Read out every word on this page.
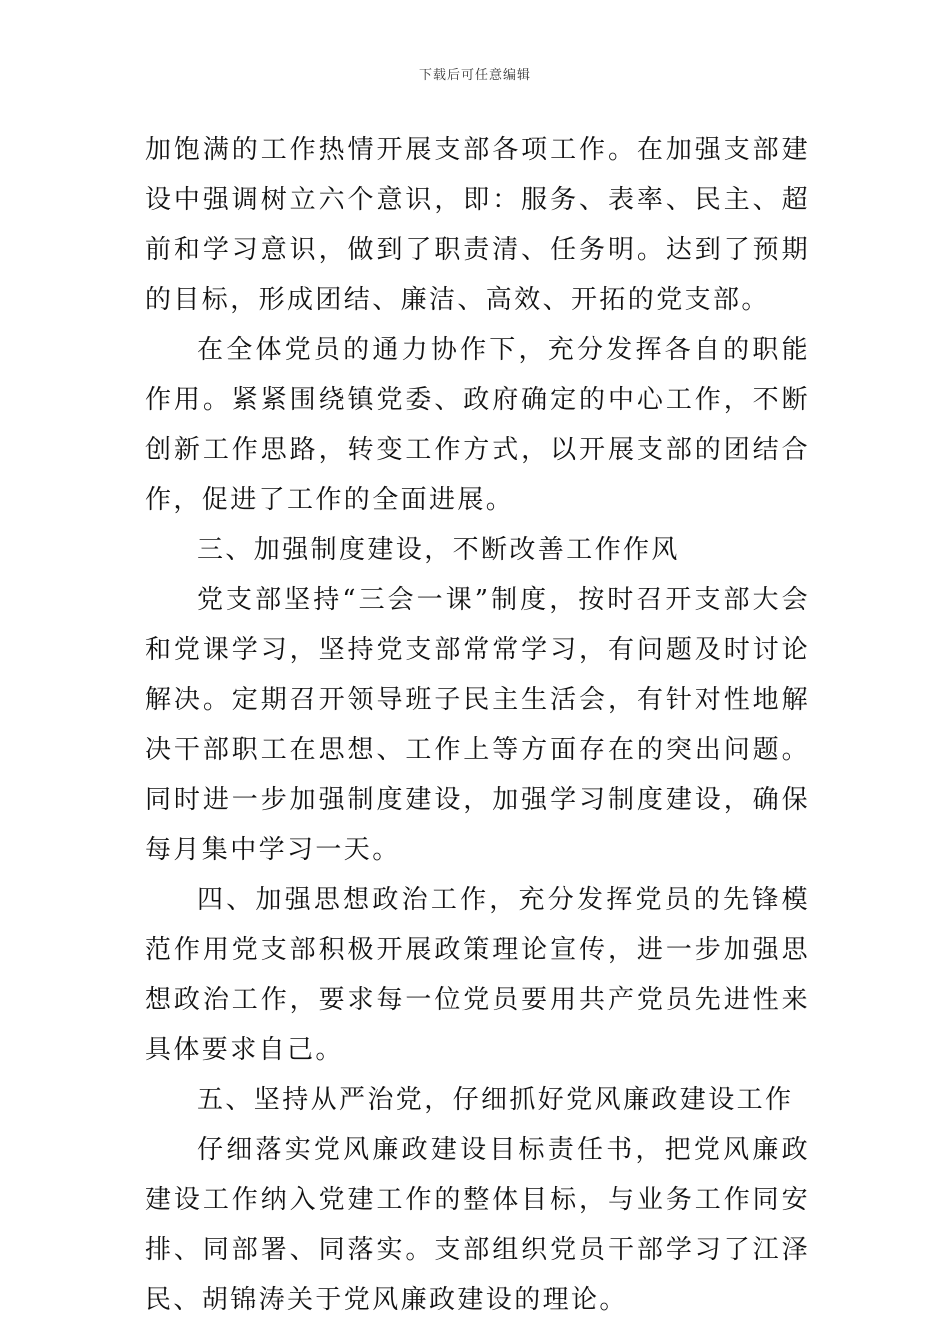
下载后可任意编辑

加饱满的工作热情开展支部各项工作。在加强支部建设中强调树立六个意识，即：服务、表率、民主、超前和学习意识，做到了职责清、任务明。达到了预期的目标，形成团结、廉洁、高效、开拓的党支部。

在全体党员的通力协作下，充分发挥各自的职能作用。紧紧围绕镇党委、政府确定的中心工作，不断创新工作思路，转变工作方式，以开展支部的团结合作，促进了工作的全面进展。

三、加强制度建设，不断改善工作作风

党支部坚持“三会一课”制度，按时召开支部大会和党课学习，坚持党支部常常学习，有问题及时讨论解决。定期召开领导班子民主生活会，有针对性地解决干部职工在思想、工作上等方面存在的突出问题。同时进一步加强制度建设，加强学习制度建设，确保每月集中学习一天。

四、加强思想政治工作，充分发挥党员的先锋模范作用党支部积极开展政策理论宣传，进一步加强思想政治工作，要求每一位党员要用共产党员先进性来具体要求自己。

五、坚持从严治党，仔细抓好党风廉政建设工作

仔细落实党风廉政建设目标责任书，把党风廉政建设工作纳入党建工作的整体目标，与业务工作同安排、同部署、同落实。支部组织党员干部学习了江泽民、胡锦涛关于党风廉政建设的理论。
